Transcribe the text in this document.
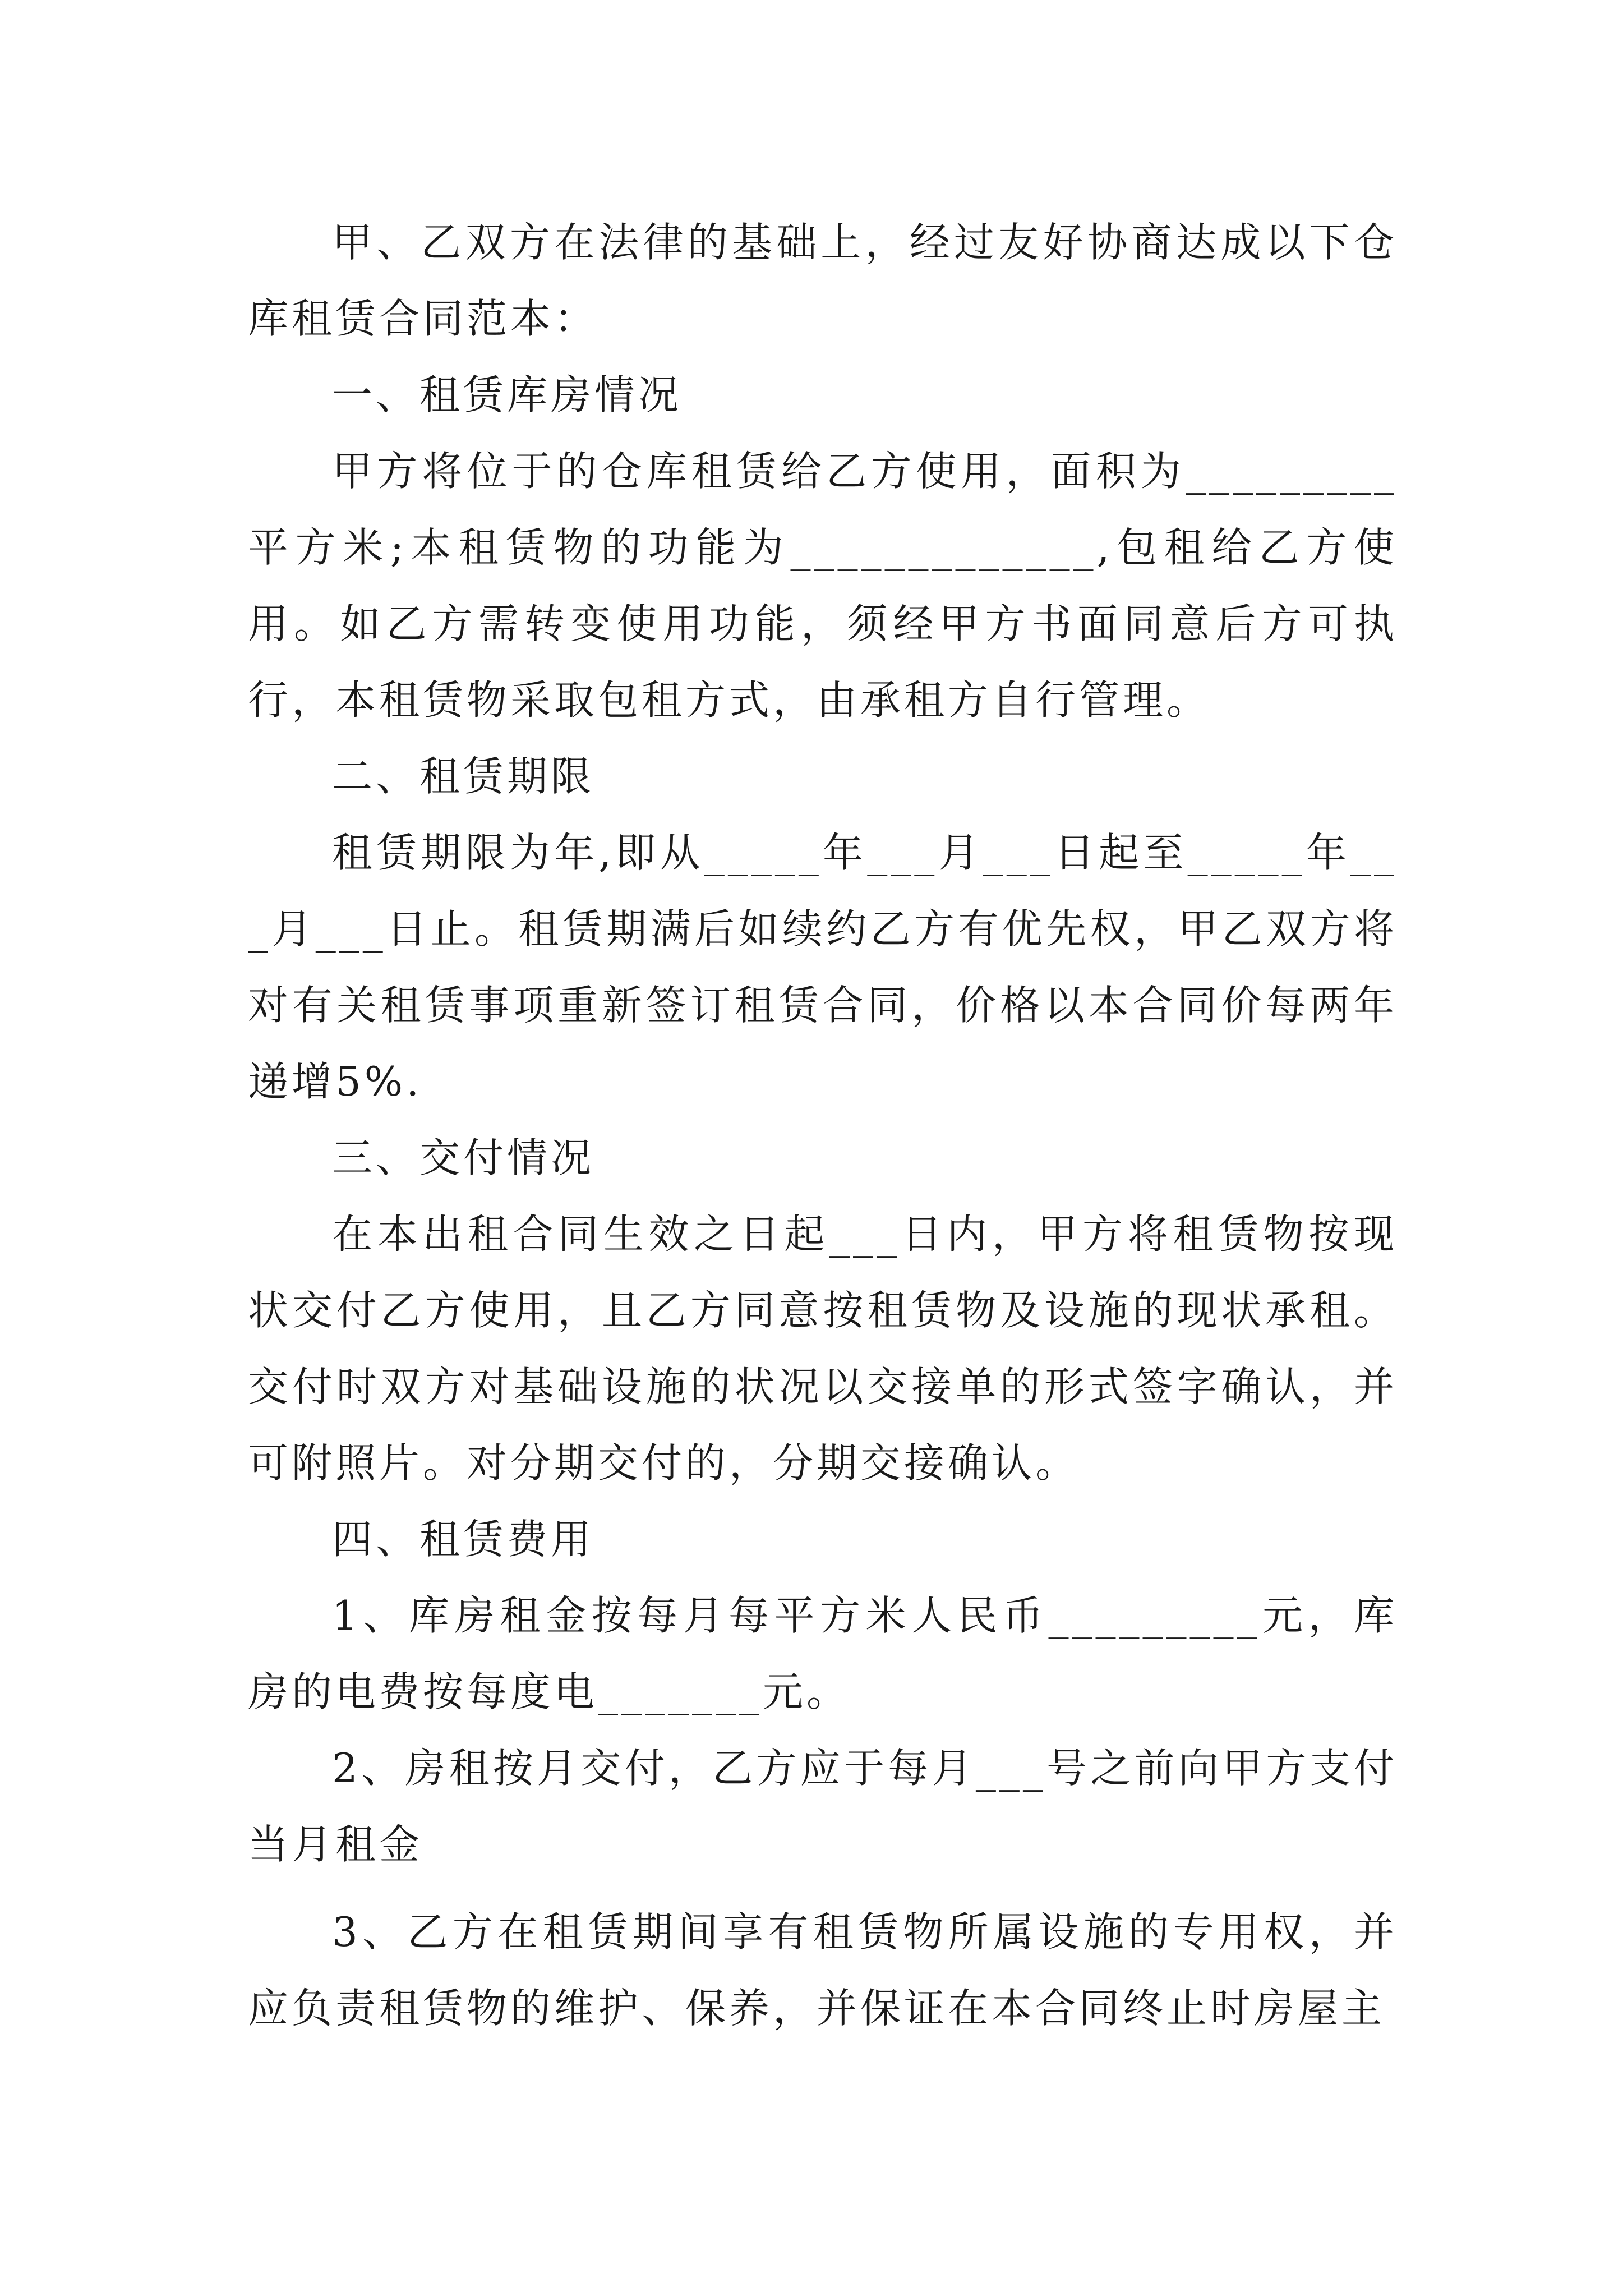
甲、乙双方在法律的基础上，经过友好协商达成以下仓库租赁合同范本：

一、租赁库房情况

甲方将位于的仓库租赁给乙方使用，面积为_________平方米;本租赁物的功能为_____________,包租给乙方使用。如乙方需转变使用功能，须经甲方书面同意后方可执行，本租赁物采取包租方式，由承租方自行管理。

二、租赁期限

租赁期限为年,即从_____年___月___日起至_____年___月___日止。租赁期满后如续约乙方有优先权，甲乙双方将对有关租赁事项重新签订租赁合同，价格以本合同价每两年递增5%.

三、交付情况

在本出租合同生效之日起___日内，甲方将租赁物按现状交付乙方使用，且乙方同意按租赁物及设施的现状承租。交付时双方对基础设施的状况以交接单的形式签字确认，并可附照片。对分期交付的，分期交接确认。

四、租赁费用

1、库房租金按每月每平方米人民币_________元，库房的电费按每度电_______元。

2、房租按月交付，乙方应于每月___号之前向甲方支付当月租金

3、乙方在租赁期间享有租赁物所属设施的专用权，并应负责租赁物的维护、保养，并保证在本合同终止时房屋主
